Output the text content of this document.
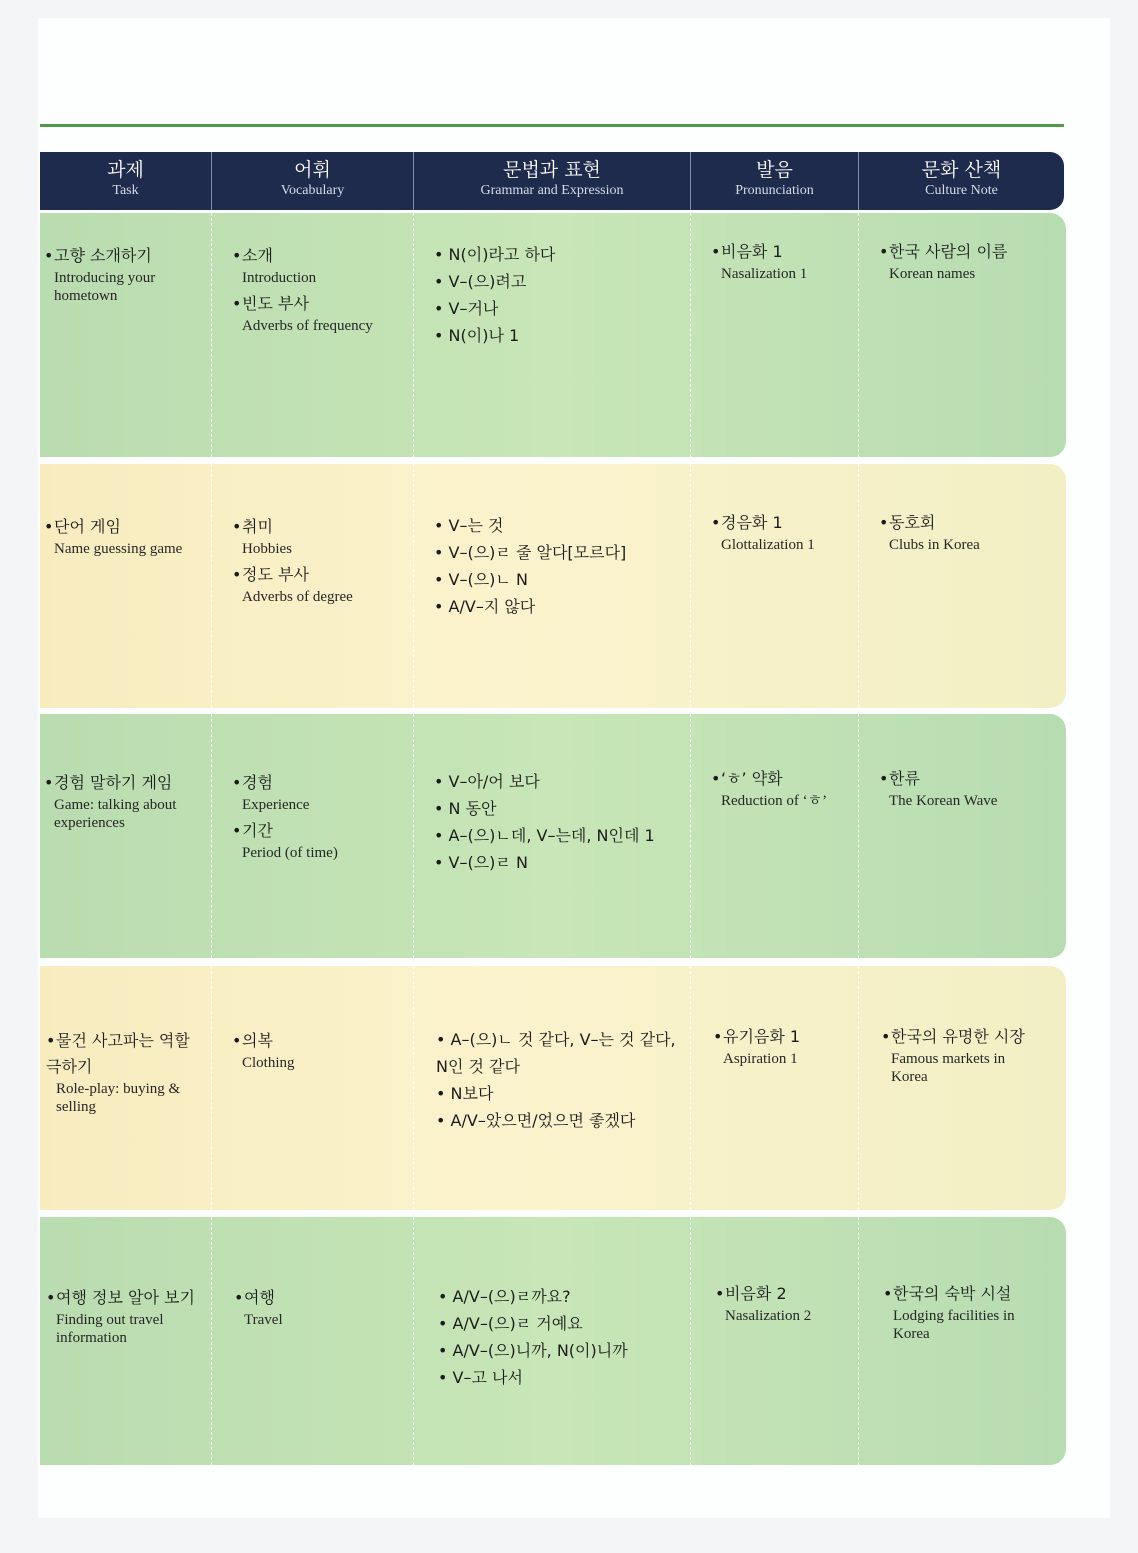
과제
Task
어휘
Vocabulary
문법과 표현
Grammar and Expression
발음
Pronunciation
문화 산책
Culture Note
•고향 소개하기
Introducing your hometown
•소개
Introduction
•빈도 부사
Adverbs of frequency
• N(이)라고 하다
• V–(으)려고
• V–거나
• N(이)나 1
•비음화 1
Nasalization 1
•한국 사람의 이름
Korean names
•단어 게임
Name guessing game
•취미
Hobbies
•정도 부사
Adverbs of degree
• V–는 것
• V–(으)ㄹ 줄 알다[모르다]
• V–(으)ㄴ N
• A/V–지 않다
•경음화 1
Glottalization 1
•동호회
Clubs in Korea
•경험 말하기 게임
Game: talking about experiences
•경험
Experience
•기간
Period (of time)
• V–아/어 보다
• N 동안
• A–(으)ㄴ데, V–는데, N인데 1
• V–(으)ㄹ N
•‘ㅎ’ 약화
Reduction of ‘ㅎ’
•한류
The Korean Wave
•물건 사고파는 역할극하기
Role-play: buying & selling
•의복
Clothing
• A–(으)ㄴ 것 같다, V–는 것 같다, N인 것 같다
• N보다
• A/V–았으면/었으면 좋겠다
•유기음화 1
Aspiration 1
•한국의 유명한 시장
Famous markets in Korea
•여행 정보 알아 보기
Finding out travel information
•여행
Travel
• A/V–(으)ㄹ까요?
• A/V–(으)ㄹ 거예요
• A/V–(으)니까, N(이)니까
• V–고 나서
•비음화 2
Nasalization 2
•한국의 숙박 시설
Lodging facilities in Korea
